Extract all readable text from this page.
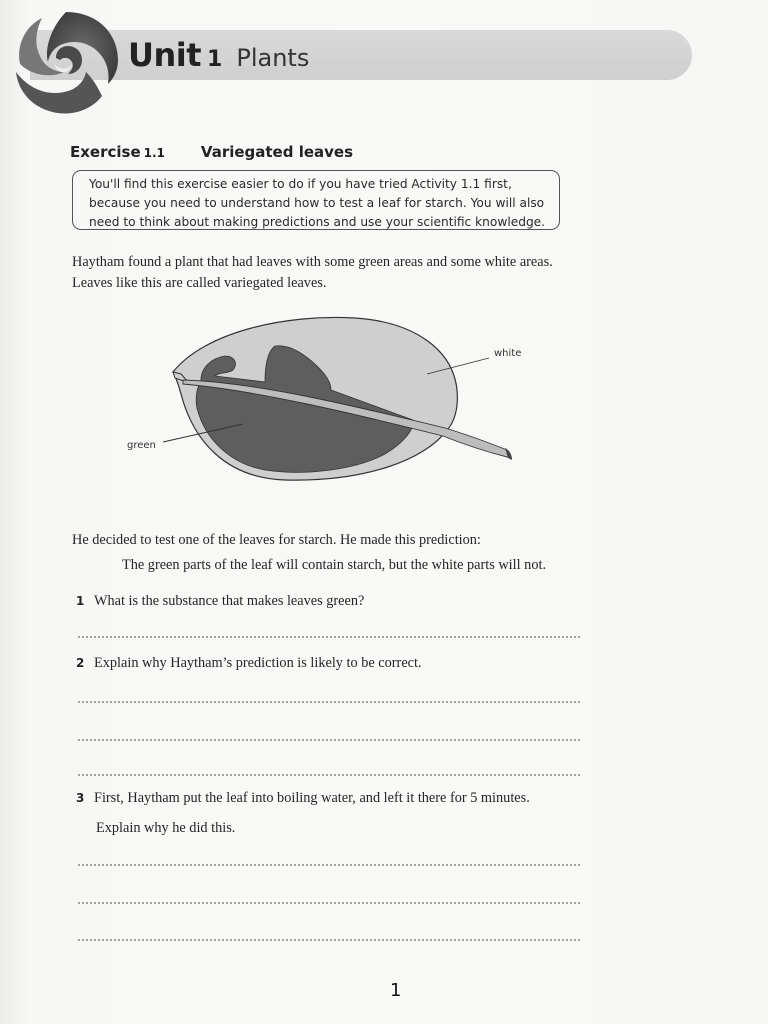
Unit 1 Plants
Exercise 1.1 Variegated leaves
You'll find this exercise easier to do if you have tried Activity 1.1 first, because you need to understand how to test a leaf for starch. You will also need to think about making predictions and use your scientific knowledge.
Haytham found a plant that had leaves with some green areas and some white areas. Leaves like this are called variegated leaves.
white
green
He decided to test one of the leaves for starch. He made this prediction:
The green parts of the leaf will contain starch, but the white parts will not.
1 What is the substance that makes leaves green?
2 Explain why Haytham’s prediction is likely to be correct.
3 First, Haytham put the leaf into boiling water, and left it there for 5 minutes.
Explain why he did this.
1
